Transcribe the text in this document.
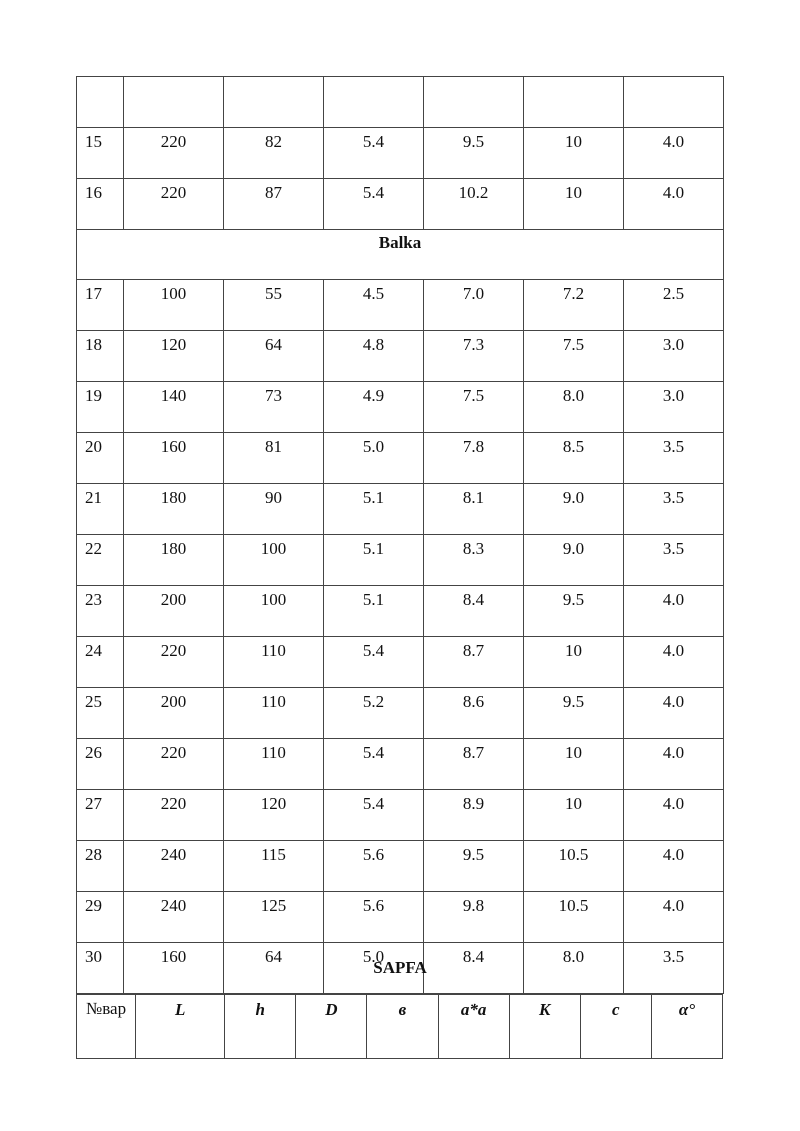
15	220	82	5.4	9.5	10	4.0
16	220	87	5.4	10.2	10	4.0
Balka						
17	100	55	4.5	7.0	7.2	2.5
18	120	64	4.8	7.3	7.5	3.0
19	140	73	4.9	7.5	8.0	3.0
20	160	81	5.0	7.8	8.5	3.5
21	180	90	5.1	8.1	9.0	3.5
22	180	100	5.1	8.3	9.0	3.5
23	200	100	5.1	8.4	9.5	4.0
24	220	110	5.4	8.7	10	4.0
25	200	110	5.2	8.6	9.5	4.0
26	220	110	5.4	8.7	10	4.0
27	220	120	5.4	8.9	10	4.0
28	240	115	5.6	9.5	10.5	4.0
29	240	125	5.6	9.8	10.5	4.0
30	160	64	5.0	8.4	8.0	3.5
SAPFA
№вар	L	h	D	в	a*a	K	c	α°
